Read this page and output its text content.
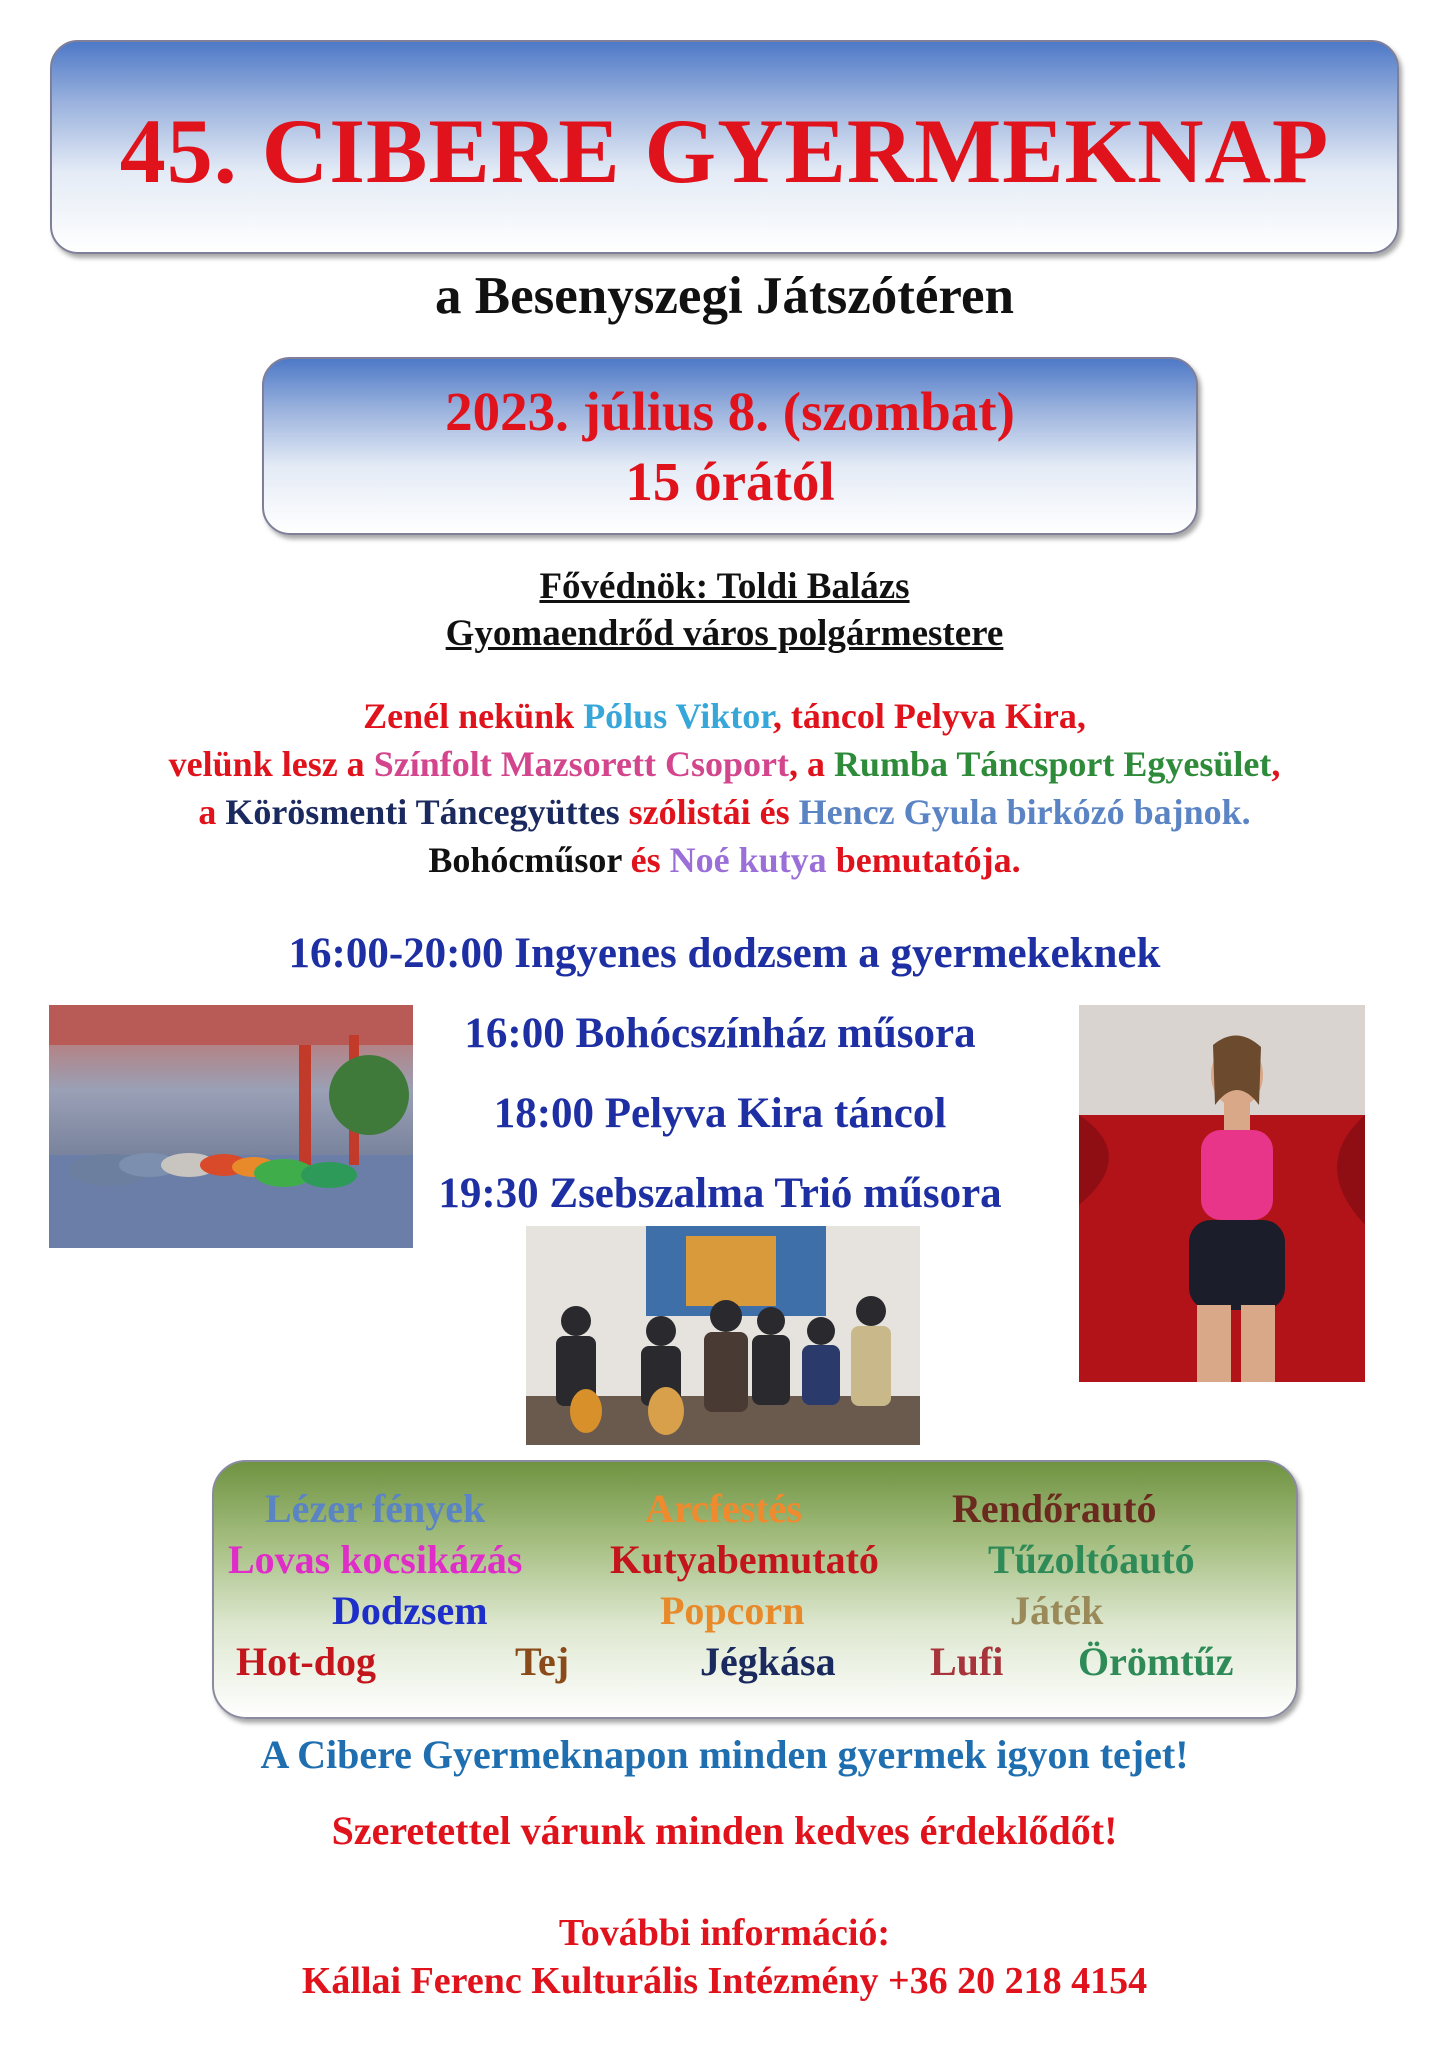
45. CIBERE GYERMEKNAP
a Besenyszegi Játszótéren
2023. július 8. (szombat)
15 órától
Fővédnök: Toldi Balázs
Gyomaendrőd város polgármestere
Zenél nekünk Pólus Viktor, táncol Pelyva Kira,
velünk lesz a Színfolt Mazsorett Csoport, a Rumba Táncsport Egyesület,
a Körösmenti Táncegyüttes szólistái és Hencz Gyula birkózó bajnok.
Bohócműsor és Noé kutya bemutatója.
16:00-20:00 Ingyenes dodzsem a gyermekeknek
16:00 Bohócszínház műsora
18:00 Pelyva Kira táncol
19:30 Zsebszalma Trió műsora
Lézer fények	Arcfestés	Rendőrautó
Lovas kocsikázás Kutyabemutató	Tűzoltóautó
Dodzsem	Popcorn	Játék
Hot-dog	Tej	Jégkása Lufi Örömtűz
A Cibere Gyermeknapon minden gyermek igyon tejet!
Szeretettel várunk minden kedves érdeklődőt!
További információ:
Kállai Ferenc Kulturális Intézmény +36 20 218 4154
